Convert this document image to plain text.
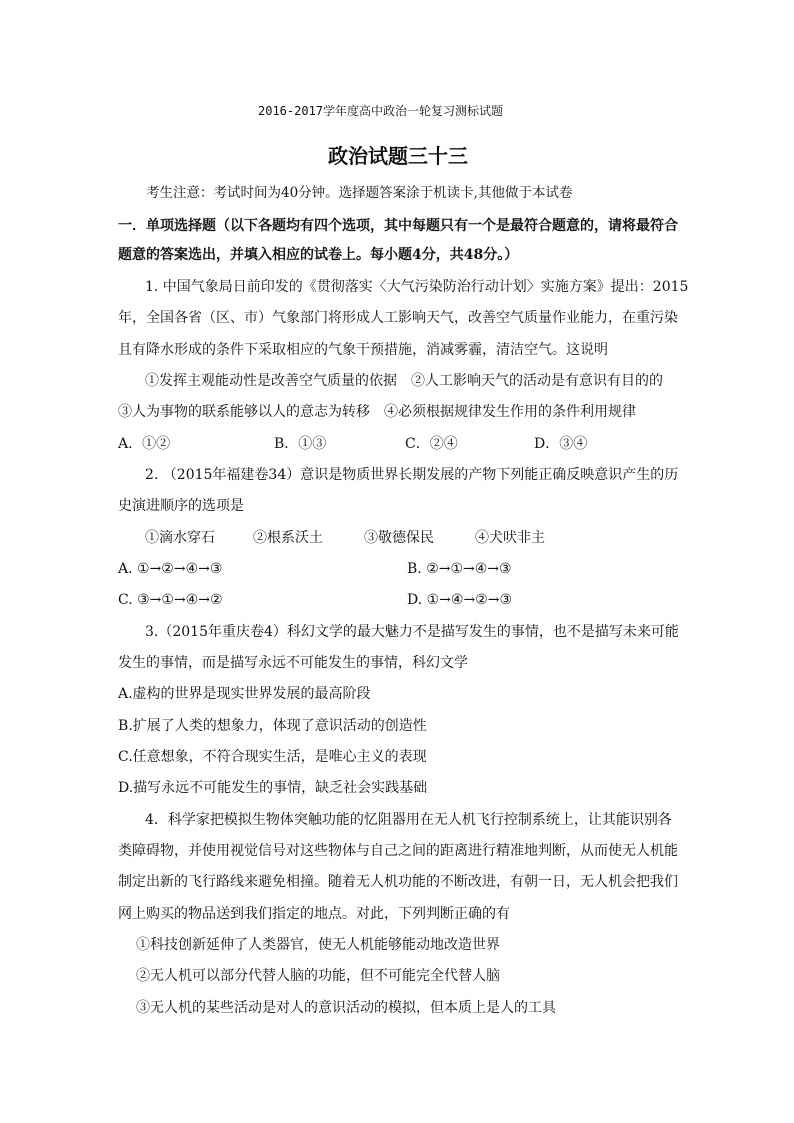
2016-2017学年度高中政治一轮复习测标试题
政治试题三十三
考生注意：考试时间为40分钟。选择题答案涂于机读卡,其他做于本试卷
一．单项选择题（以下各题均有四个选项，其中每题只有一个是最符合题意的，请将最符合
题意的答案选出，并填入相应的试卷上。每小题4分，共48分。）
1. 中国气象局日前印发的《贯彻落实〈大气污染防治行动计划〉实施方案》提出：2015
年，全国各省（区、市）气象部门将形成人工影响天气，改善空气质量作业能力，在重污染
且有降水形成的条件下采取相应的气象干预措施，消减雾霾，清洁空气。这说明
①发挥主观能动性是改善空气质量的依据　②人工影响天气的活动是有意识有目的的
③人为事物的联系能够以人的意志为转移　④必须根据规律发生作用的条件利用规律
A．①②	B．①③	C．②④	D．③④
2. （2015年福建卷34）意识是物质世界长期发展的产物下列能正确反映意识产生的历
史演进顺序的选项是
①滴水穿石	②根系沃土	③敬德保民	④犬吠非主
A. ①→②→④→③	B. ②→①→④→③
C. ③→①→④→②	D. ①→④→②→③
3.（2015年重庆卷4）科幻文学的最大魅力不是描写发生的事情，也不是描写未来可能
发生的事情，而是描写永远不可能发生的事情，科幻文学
A.虚构的世界是现实世界发展的最高阶段
B.扩展了人类的想象力，体现了意识活动的创造性
C.任意想象，不符合现实生活，是唯心主义的表现
D.描写永远不可能发生的事情，缺乏社会实践基础
4．科学家把模拟生物体突触功能的忆阻器用在无人机飞行控制系统上，让其能识别各
类障碍物，并使用视觉信号对这些物体与自己之间的距离进行精准地判断，从而使无人机能
制定出新的飞行路线来避免相撞。随着无人机功能的不断改进，有朝一日，无人机会把我们
网上购买的物品送到我们指定的地点。对此，下列判断正确的有
①科技创新延伸了人类器官，使无人机能够能动地改造世界
②无人机可以部分代替人脑的功能，但不可能完全代替人脑
③无人机的某些活动是对人的意识活动的模拟，但本质上是人的工具
